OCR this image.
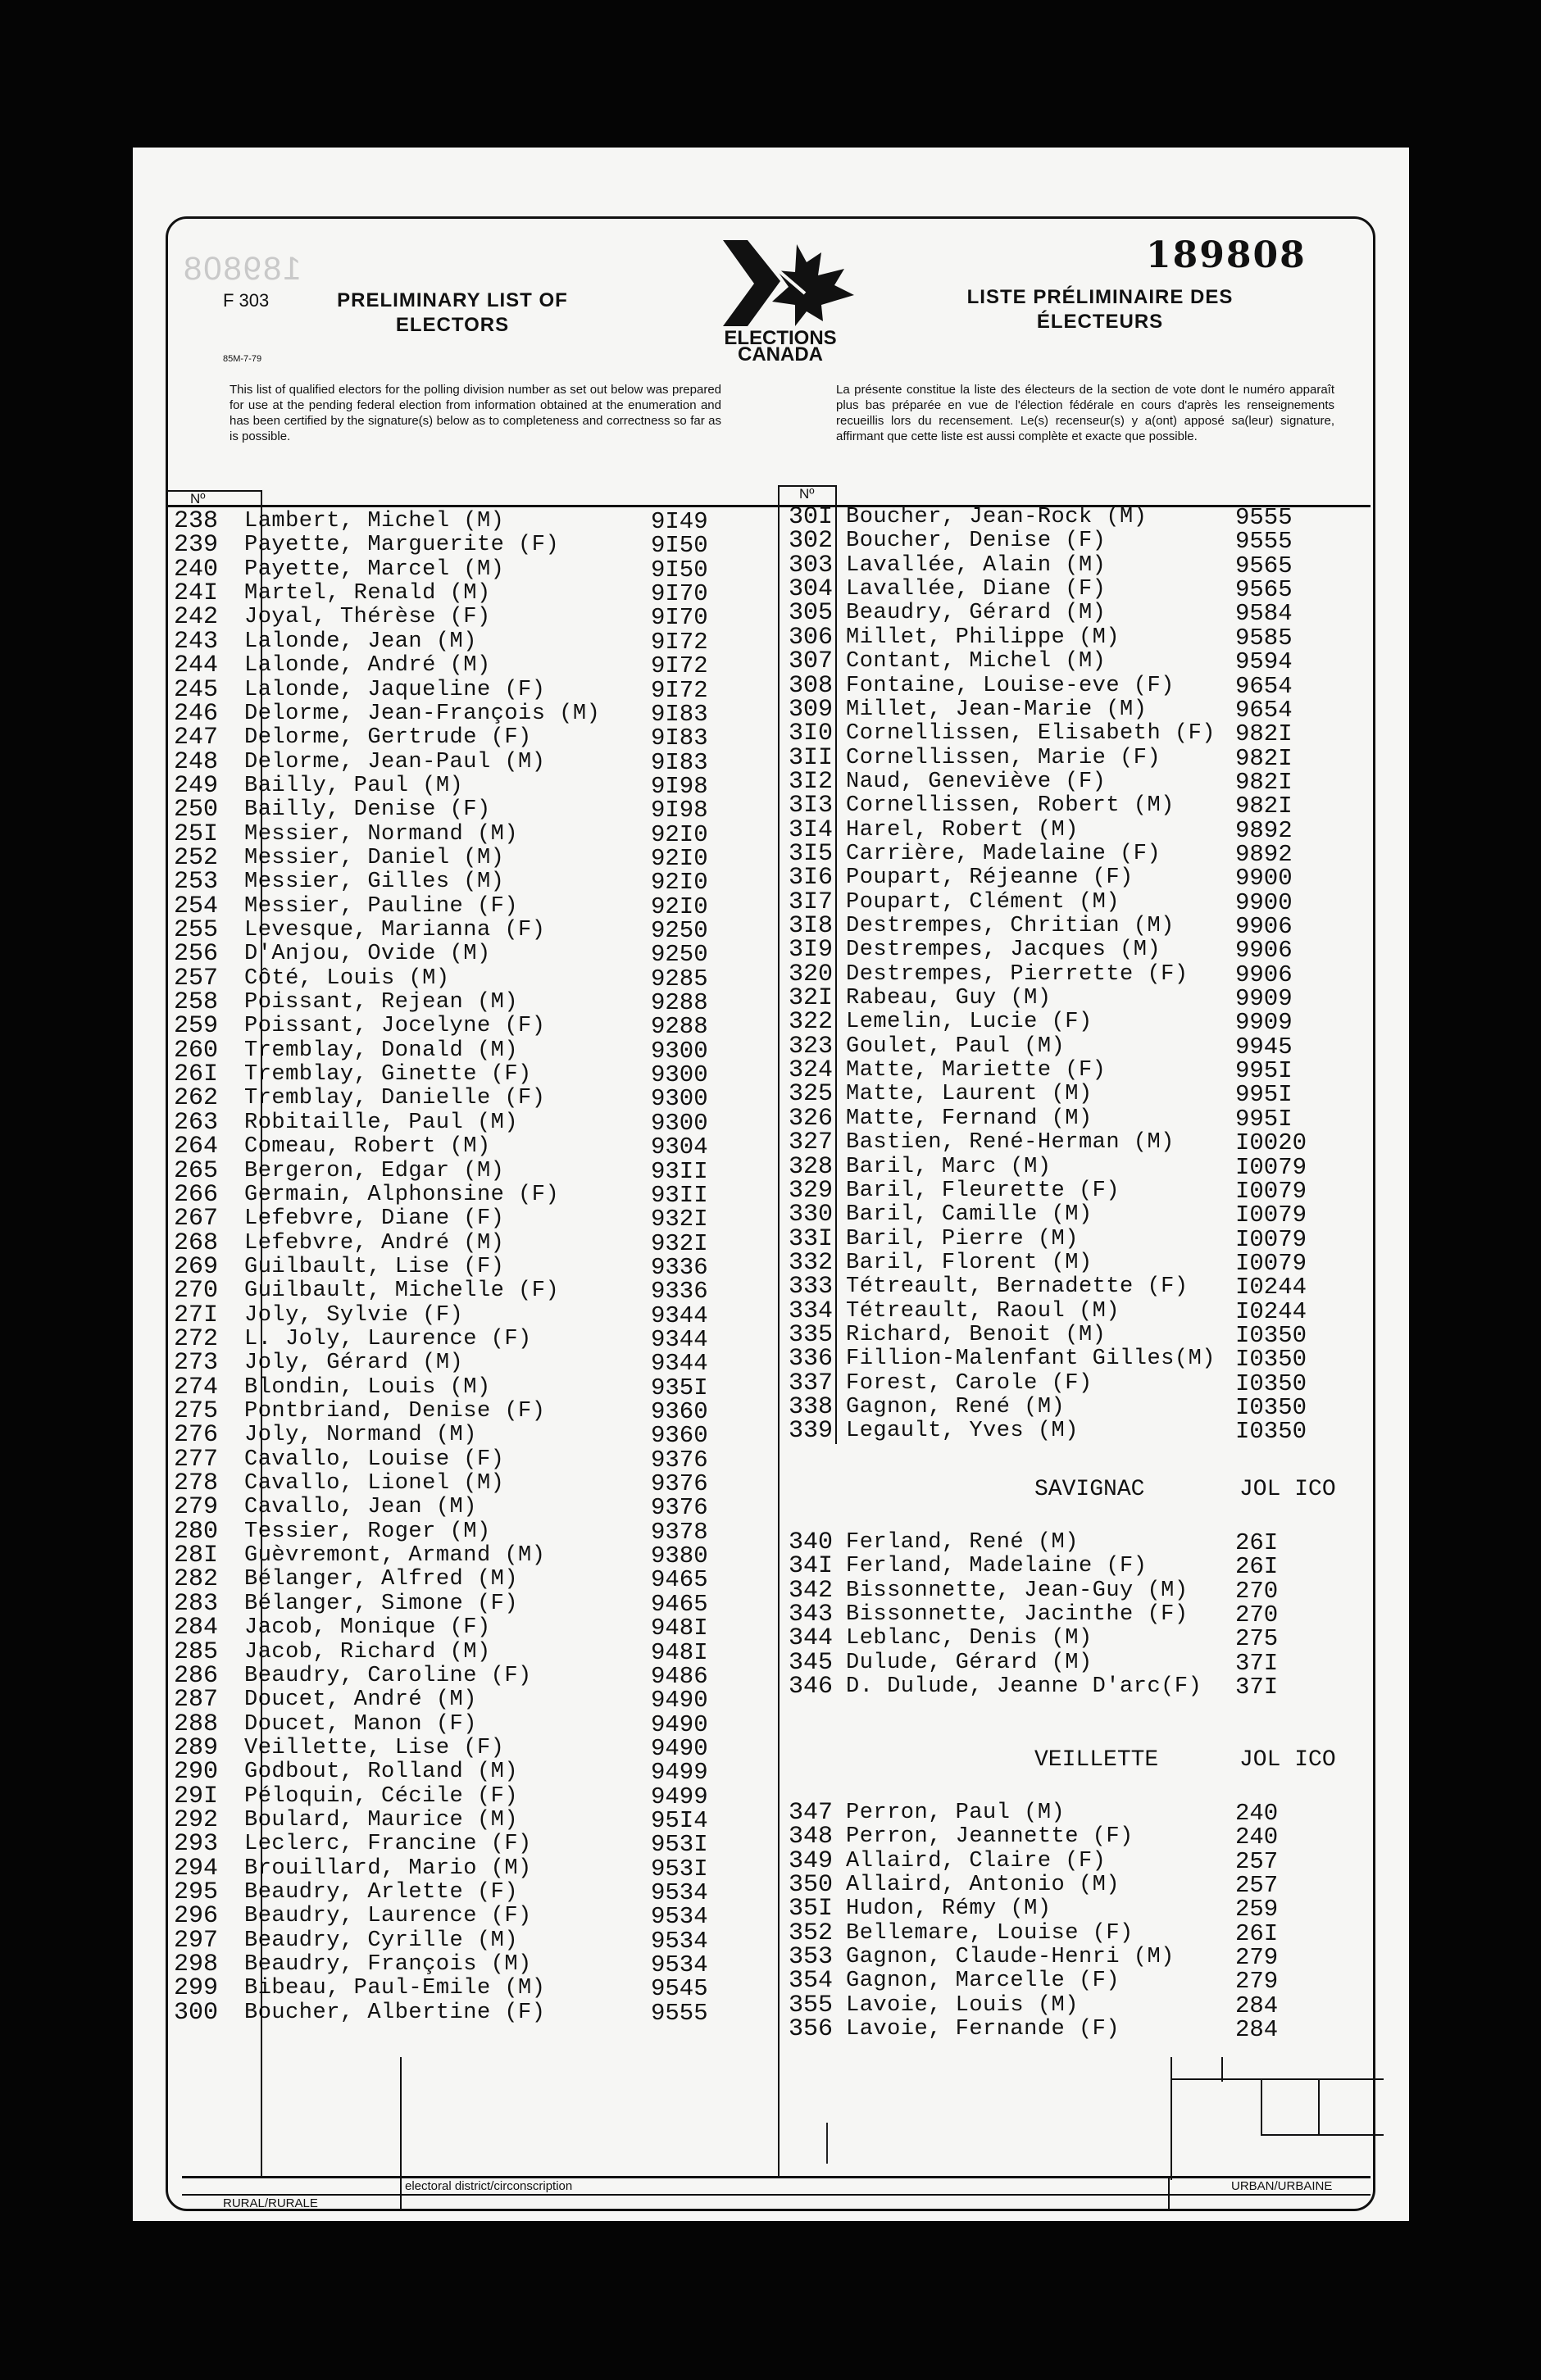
189808
F 303
85M-7-79
PRELIMINARY LIST OF
ELECTORS
ELECTIONS
CANADA
189808
LISTE PRÉLIMINAIRE DES
ÉLECTEURS
This list of qualified electors for the polling division number as set out below was prepared for use at the pending federal election from information obtained at the enumeration and has been certified by the signature(s) below as to completeness and correctness so far as is possible.
La présente constitue la liste des électeurs de la section de vote dont le numéro apparaît plus bas préparée en vue de l'élection fédérale en cours d'après les renseignements recueillis lors du recensement. Le(s) recenseur(s) y a(ont) apposé sa(leur) signature, affirmant que cette liste est aussi complète et exacte que possible.
Nº	Nº
SAVIGNAC	JOL ICO
VEILLETTE	JOL ICO
RURAL/RURALE
electoral district/circonscription	URBAN/URBAINE
238 Lambert, Michel (M)	9I49
239 Payette, Marguerite (F)	9I50
240 Payette, Marcel (M)	9I50
24I Martel, Renald (M)	9I70
242 Joyal, Thérèse (F)	9I70
243 Lalonde, Jean (M)	9I72
244 Lalonde, André (M)	9I72
245 Lalonde, Jaqueline (F)	9I72
246 Delorme, Jean-François (M) 9I83
247 Delorme, Gertrude (F)	9I83
248 Delorme, Jean-Paul (M)	9I83
249 Bailly, Paul (M)	9I98
250 Bailly, Denise (F)	9I98
25I Messier, Normand (M)	92I0
252 Messier, Daniel (M)	92I0
253 Messier, Gilles (M)	92I0
254 Messier, Pauline (F)	92I0
255 Levesque, Marianna (F)	9250
256 D'Anjou, Ovide (M)	9250
257 Côté, Louis (M)	9285
258 Poissant, Rejean (M)	9288
259 Poissant, Jocelyne (F)	9288
260 Tremblay, Donald (M)	9300
26I Tremblay, Ginette (F)	9300
262 Tremblay, Danielle (F)	9300
263 Robitaille, Paul (M)	9300
264 Comeau, Robert (M)	9304
265 Bergeron, Edgar (M)	93II
266 Germain, Alphonsine (F)	93II
267 Lefebvre, Diane (F)	932I
268 Lefebvre, André (M)	932I
269 Guilbault, Lise (F)	9336
270 Guilbault, Michelle (F)	9336
27I Joly, Sylvie (F)	9344
272 L. Joly, Laurence (F)	9344
273 Joly, Gérard (M)	9344
274 Blondin, Louis (M)	935I
275 Pontbriand, Denise (F)	9360
276 Joly, Normand (M)	9360
277 Cavallo, Louise (F)	9376
278 Cavallo, Lionel (M)	9376
279 Cavallo, Jean (M)	9376
280 Tessier, Roger (M)	9378
28I Guèvremont, Armand (M)	9380
282 Bélanger, Alfred (M)	9465
283 Bélanger, Simone (F)	9465
284 Jacob, Monique (F)	948I
285 Jacob, Richard (M)	948I
286 Beaudry, Caroline (F)	9486
287 Doucet, André (M)	9490
288 Doucet, Manon (F)	9490
289 Veillette, Lise (F)	9490
290 Godbout, Rolland (M)	9499
29I Péloquin, Cécile (F)	9499
292 Boulard, Maurice (M)	95I4
293 Leclerc, Francine (F)	953I
294 Brouillard, Mario (M)	953I
295 Beaudry, Arlette (F)	9534
296 Beaudry, Laurence (F)	9534
297 Beaudry, Cyrille (M)	9534
298 Beaudry, François (M)	9534
299 Bibeau, Paul-Emile (M)	9545
300 Boucher, Albertine (F)	9555
30I Boucher, Jean-Rock (M)	9555
302 Boucher, Denise (F)	9555
303 Lavallée, Alain (M)	9565
304 Lavallée, Diane (F)	9565
305 Beaudry, Gérard (M)	9584
306 Millet, Philippe (M)	9585
307 Contant, Michel (M)	9594
308 Fontaine, Louise-eve (F)	9654
309 Millet, Jean-Marie (M)	9654
3I0 Cornellissen, Elisabeth (F) 982I
3II Cornellissen, Marie (F)	982I
3I2 Naud, Geneviève (F)	982I
3I3 Cornellissen, Robert (M)	982I
3I4 Harel, Robert (M)	9892
3I5 Carrière, Madelaine (F)	9892
3I6 Poupart, Réjeanne (F)	9900
3I7 Poupart, Clément (M)	9900
3I8 Destrempes, Chritian (M)	9906
3I9 Destrempes, Jacques (M)	9906
320 Destrempes, Pierrette (F) 9906
32I Rabeau, Guy (M)	9909
322 Lemelin, Lucie (F)	9909
323 Goulet, Paul (M)	9945
324 Matte, Mariette (F)	995I
325 Matte, Laurent (M)	995I
326 Matte, Fernand (M)	995I
327 Bastien, René-Herman (M)	I0020
328 Baril, Marc (M)	I0079
329 Baril, Fleurette (F)	I0079
330 Baril, Camille (M)	I0079
33I Baril, Pierre (M)	I0079
332 Baril, Florent (M)	I0079
333 Tétreault, Bernadette (F) I0244
334 Tétreault, Raoul (M)	I0244
335 Richard, Benoit (M)	I0350
336 Fillion-Malenfant Gilles(M) I0350
337 Forest, Carole (F)	I0350
338 Gagnon, René (M)	I0350
339 Legault, Yves (M)	I0350
340 Ferland, René (M)	26I
34I Ferland, Madelaine (F)	26I
342 Bissonnette, Jean-Guy (M) 270
343 Bissonnette, Jacinthe (F) 270
344 Leblanc, Denis (M)	275
345 Dulude, Gérard (M)	37I
346 D. Dulude, Jeanne D'arc(F) 37I
347 Perron, Paul (M)	240
348 Perron, Jeannette (F)	240
349 Allaird, Claire (F)	257
350 Allaird, Antonio (M)	257
35I Hudon, Rémy (M)	259
352 Bellemare, Louise (F)	26I
353 Gagnon, Claude-Henri (M)	279
354 Gagnon, Marcelle (F)	279
355 Lavoie, Louis (M)	284
356 Lavoie, Fernande (F)	284
